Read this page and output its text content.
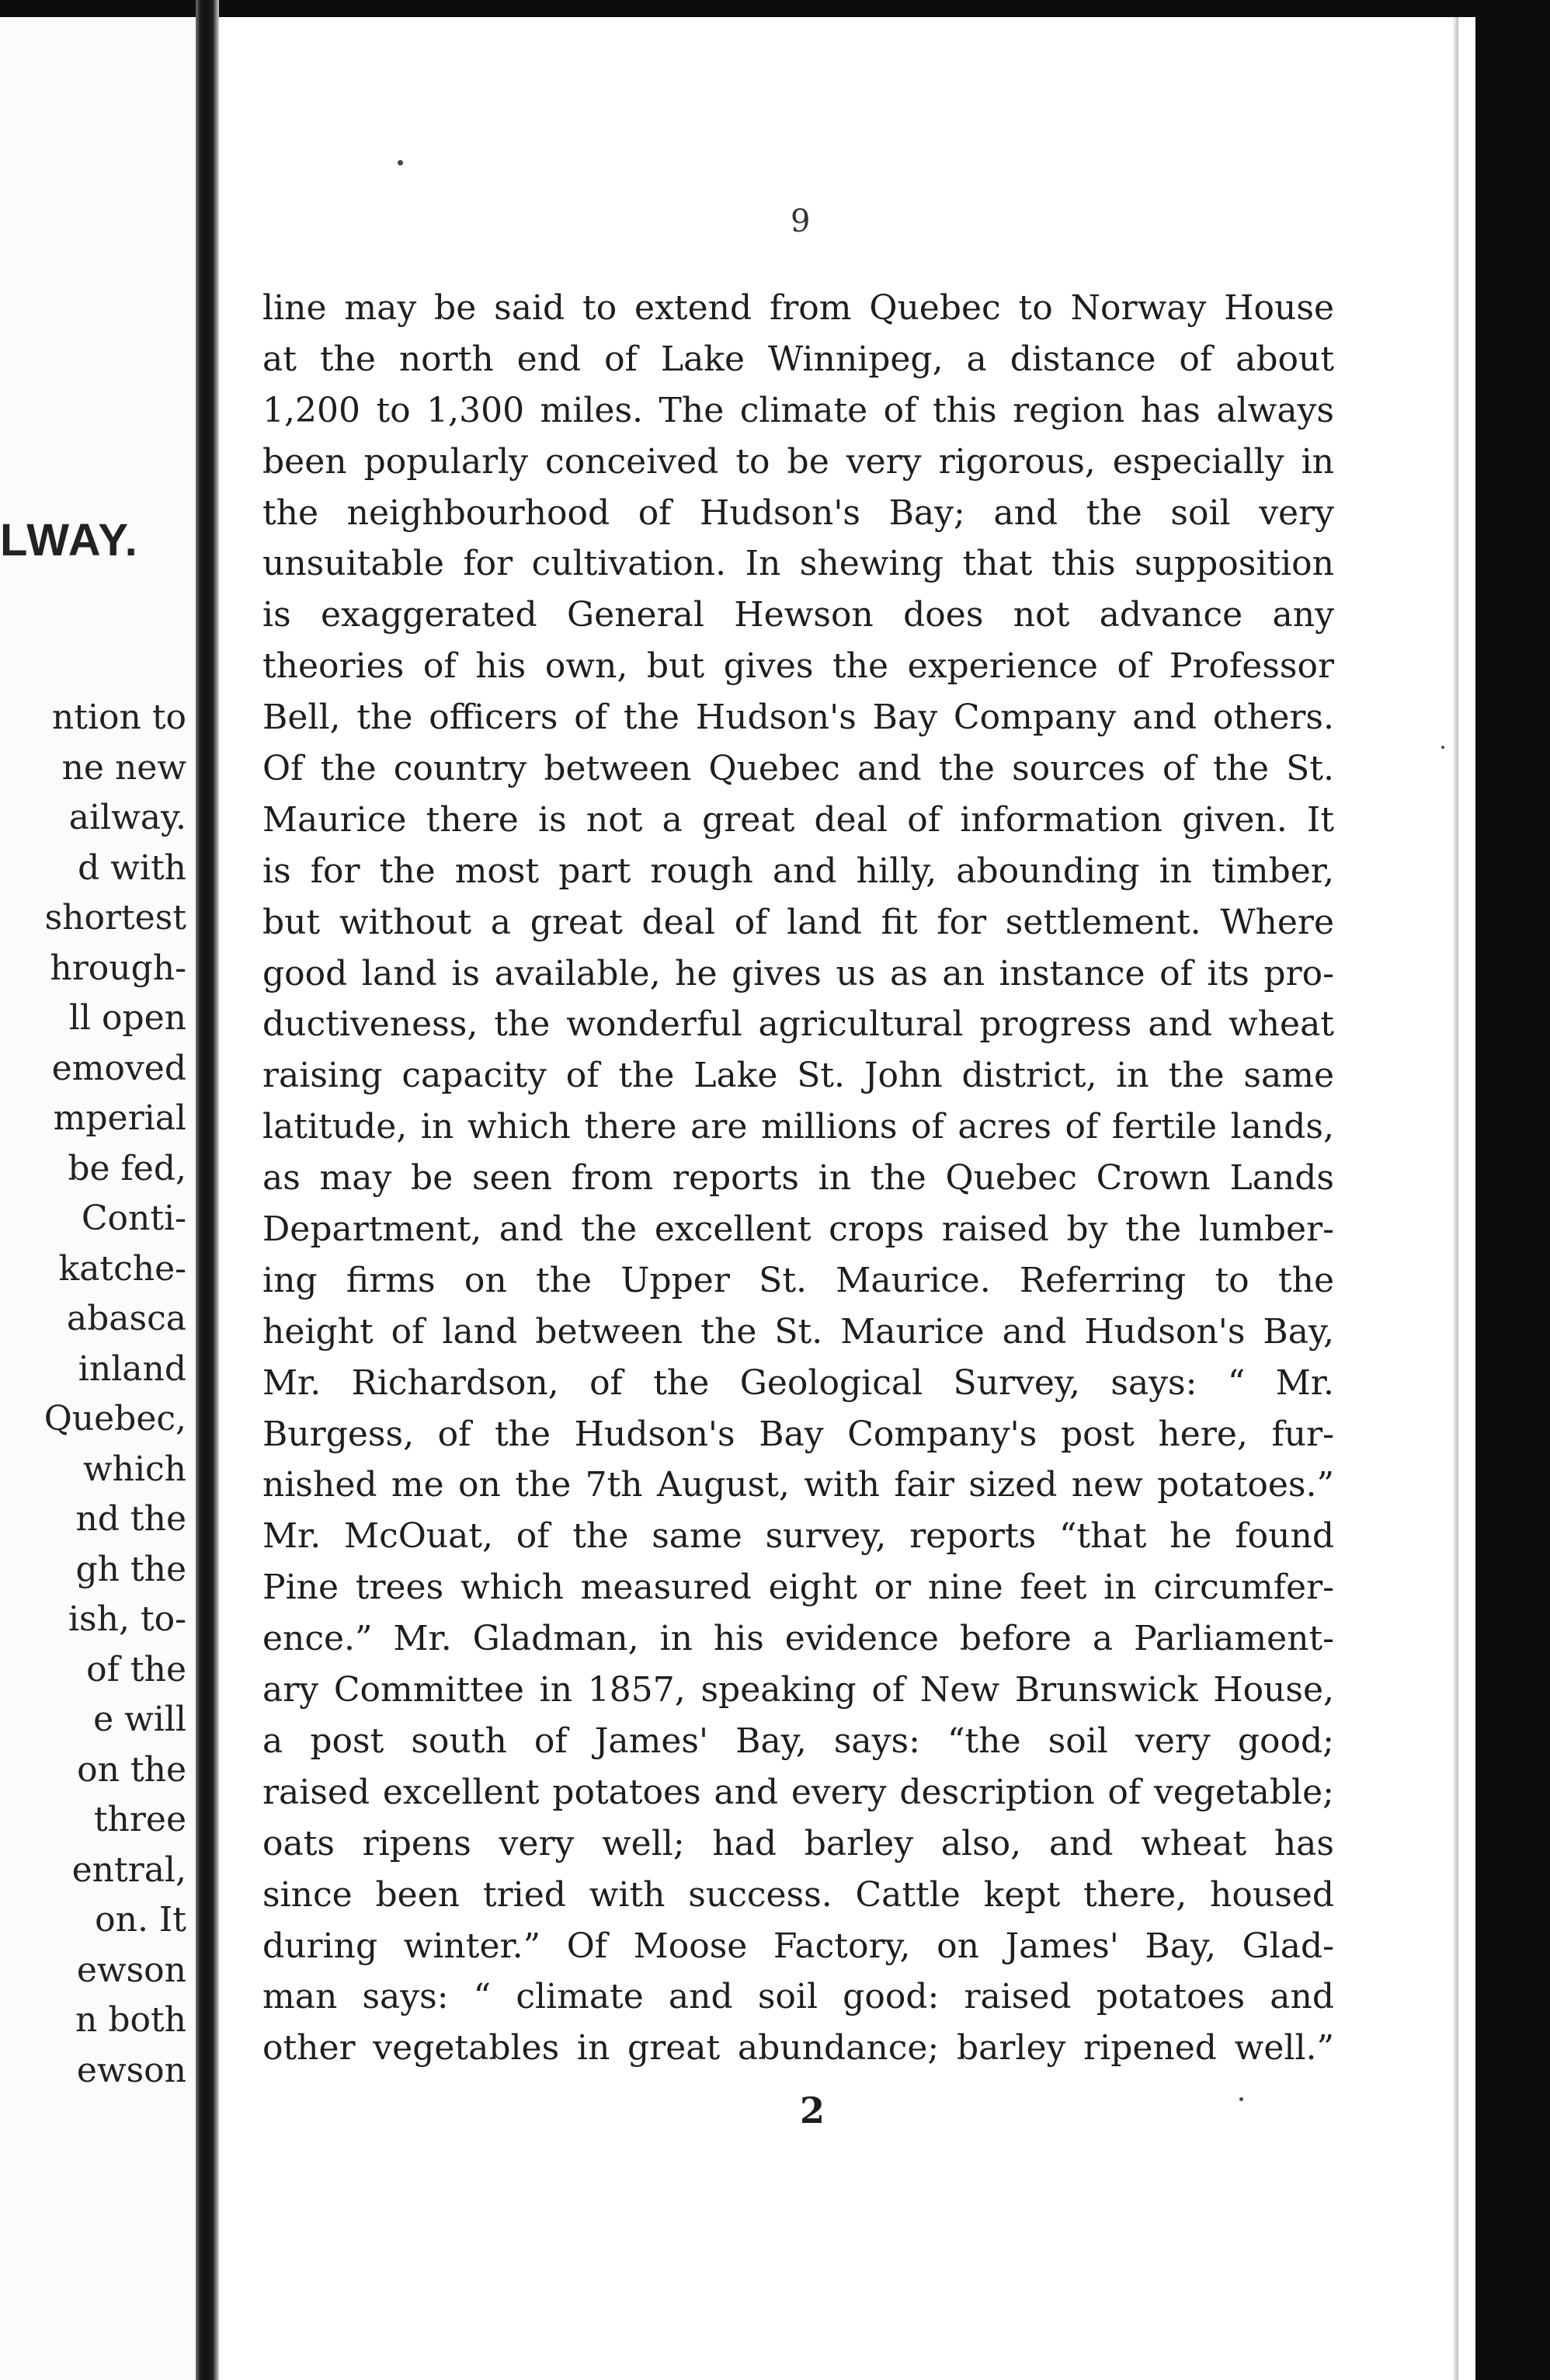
LWAY.
ntion to
ne new
ailway.
d with
shortest
hrough-
ll open
emoved
mperial
be fed,
Conti-
katche-
abasca
inland
Quebec,
which
nd the
gh the
ish, to-
of the
e will
on the
three
entral,
on. It
ewson
n both
ewson
9
line may be said to extend from Quebec to Norway House
at the north end of Lake Winnipeg, a distance of about
1,200 to 1,300 miles. The climate of this region has always
been popularly conceived to be very rigorous, especially in
the neighbourhood of Hudson's Bay; and the soil very
unsuitable for cultivation. In shewing that this supposition
is exaggerated General Hewson does not advance any
theories of his own, but gives the experience of Professor
Bell, the officers of the Hudson's Bay Company and others.
Of the country between Quebec and the sources of the St.
Maurice there is not a great deal of information given. It
is for the most part rough and hilly, abounding in timber,
but without a great deal of land fit for settlement. Where
good land is available, he gives us as an instance of its pro-
ductiveness, the wonderful agricultural progress and wheat
raising capacity of the Lake St. John district, in the same
latitude, in which there are millions of acres of fertile lands,
as may be seen from reports in the Quebec Crown Lands
Department, and the excellent crops raised by the lumber-
ing firms on the Upper St. Maurice. Referring to the
height of land between the St. Maurice and Hudson's Bay,
Mr. Richardson, of the Geological Survey, says: “ Mr.
Burgess, of the Hudson's Bay Company's post here, fur-
nished me on the 7th August, with fair sized new potatoes.”
Mr. McOuat, of the same survey, reports “that he found
Pine trees which measured eight or nine feet in circumfer-
ence.” Mr. Gladman, in his evidence before a Parliament-
ary Committee in 1857, speaking of New Brunswick House,
a post south of James' Bay, says: “the soil very good;
raised excellent potatoes and every description of vegetable;
oats ripens very well; had barley also, and wheat has
since been tried with success. Cattle kept there, housed
during winter.” Of Moose Factory, on James' Bay, Glad-
man says: “ climate and soil good: raised potatoes and
other vegetables in great abundance; barley ripened well.”
2
